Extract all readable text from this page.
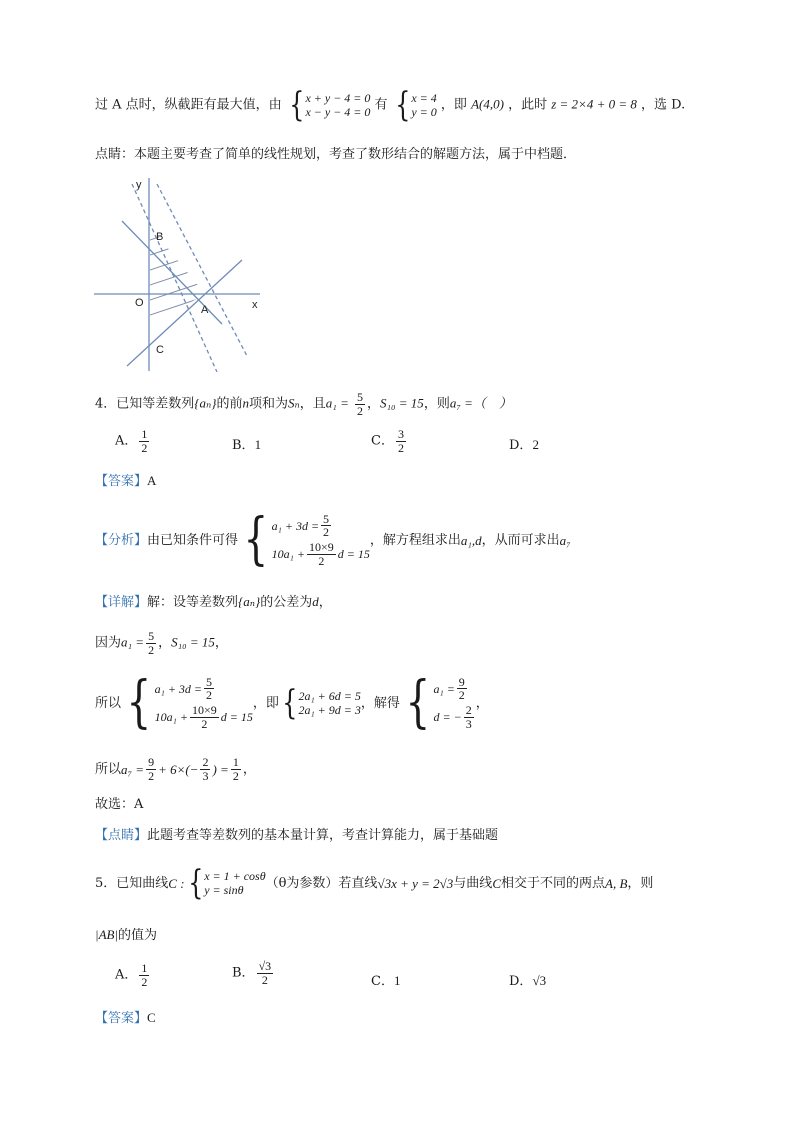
过 A 点时，纵截距有最大值，由 { x + y − 4 = 0
x − y − 4 = 0 有 { x = 4
y = 0 ，即 A(4,0) ，此时 z = 2×4 + 0 = 8 ，选 D.
点睛：本题主要考查了简单的线性规划，考查了数形结合的解题方法，属于中档题．
y
x
B
O
A
C
4．已知等差数列{aₙ}的前n项和为Sₙ，且$a_1 = \frac{5}{2}$ ，S₁₀ = 15，则a₇ =（　）
A． $\frac{1}{2}$	B．1	C． $\frac{3}{2}$	D．2
【答案】A
【分析】 由已知条件可得 { $a_1 + 3d = \frac{5}{2}$
$10a_1 + \frac{10\times 9}{2}$ d = 15
，解方程组求出 a₁,d ，从而可求出 a₇
【详解】解：设等差数列{aₙ}的公差为d，
因为$a_1 = \frac{5}{2}$ ，S₁₀ = 15，
所以 { $a_1 + 3d = \frac{5}{2}$
$10a_1 + \frac{10\times 9}{2}$ d = 15
，即 { 2a₁ + 6d = 5
2a₁ + 9d = 3 ，解得 { $a_1 = \frac{9}{2}$
d = − $\frac{2}{3}$
，
所以 $a_7 = \frac{9}{2} + 6\times(- \frac{2}{3}$ ) = $\frac{1}{2}$ ，
故选：A
【点睛】此题考查等差数列的基本量计算，考查计算能力，属于基础题
5． 已知曲线 C : { x = 1 + cosθ
y = sinθ	（θ为参数）若直线 √3x + y = 2√3 与曲线 C 相交于不同的两点 A, B ，则
|AB|的值为
A． $\frac{1}{2}$	B． $\frac{√3}{2}$	C．1	D．√3
【答案】C
